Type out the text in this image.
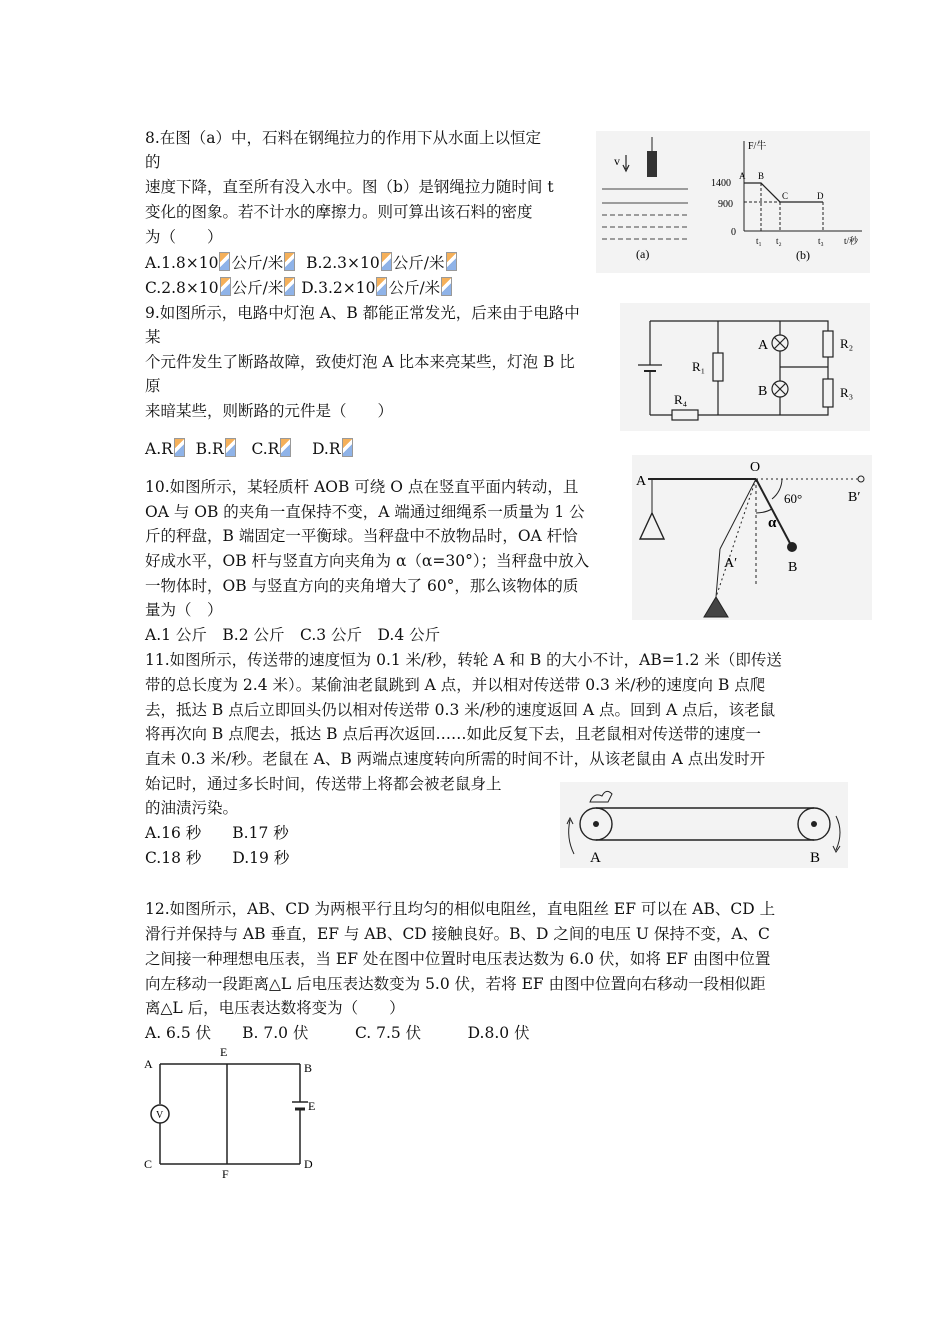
8.在图（a）中，石料在钢绳拉力的作用下从水面上以恒定
的
速度下降，直至所有没入水中。图（b）是钢绳拉力随时间 t
变化的图象。若不计水的摩擦力。则可算出该石料的密度
为（　　）
A.1.8×10 公斤/米 B.2.3×10 公斤/米
C.2.8×10 公斤/米 D.3.2×10 公斤/米
v
(a)
F/牛
1400
900
0
A B
C	D
t₁ t₂	t₃ t/秒
(b)
9.如图所示，电路中灯泡 A、B 都能正常发光，后来由于电路中
某
个元件发生了断路故障，致使灯泡 A 比本来亮某些，灯泡 B 比
原
来暗某些，则断路的元件是（　　）
A.R B.R C.R D.R
R₁
R₂
R₃
R₄
A
B
10.如图所示，某轻质杆 AOB 可绕 O 点在竖直平面内转动，且
OA 与 OB 的夹角一直保持不变，A 端通过细绳系一质量为 1 公
斤的秤盘，B 端固定一平衡球。当秤盘中不放物品时，OA 杆恰
好成水平，OB 杆与竖直方向夹角为 α（α=30°）；当秤盘中放入
一物体时，OB 与竖直方向的夹角增大了 60°，那么该物体的质
量为（　）
A.1 公斤　B.2 公斤　C.3 公斤　D.4 公斤
A
O
B′
B
A′
60°
α
11.如图所示，传送带的速度恒为 0.1 米/秒，转轮 A 和 B 的大小不计，AB=1.2 米（即传送
带的总长度为 2.4 米）。某偷油老鼠跳到 A 点，并以相对传送带 0.3 米/秒的速度向 B 点爬
去，抵达 B 点后立即回头仍以相对传送带 0.3 米/秒的速度返回 A 点。回到 A 点后，该老鼠
将再次向 B 点爬去，抵达 B 点后再次返回……如此反复下去，且老鼠相对传送带的速度一
直未 0.3 米/秒。老鼠在 A、B 两端点速度转向所需的时间不计，从该老鼠由 A 点出发时开
始记时，通过多长时间，传送带上将都会被老鼠身上
的油渍污染。
A.16 秒　　B.17 秒
C.18 秒　　D.19 秒	A	B
12.如图所示，AB、CD 为两根平行且均匀的相似电阻丝，直电阻丝 EF 可以在 AB、CD 上
滑行并保持与 AB 垂直，EF 与 AB、CD 接触良好。B、D 之间的电压 U 保持不变，A、C
之间接一种理想电压表，当 EF 处在图中位置时电压表达数为 6.0 伏，如将 EF 由图中位置
向左移动一段距离△L 后电压表达数变为 5.0 伏，若将 EF 由图中位置向右移动一段相似距
离△L 后，电压表达数将变为（　　）
A. 6.5 伏　　B. 7.0 伏　　　C. 7.5 伏　　　D.8.0 伏
A
E
B
V
E
C
F
D
